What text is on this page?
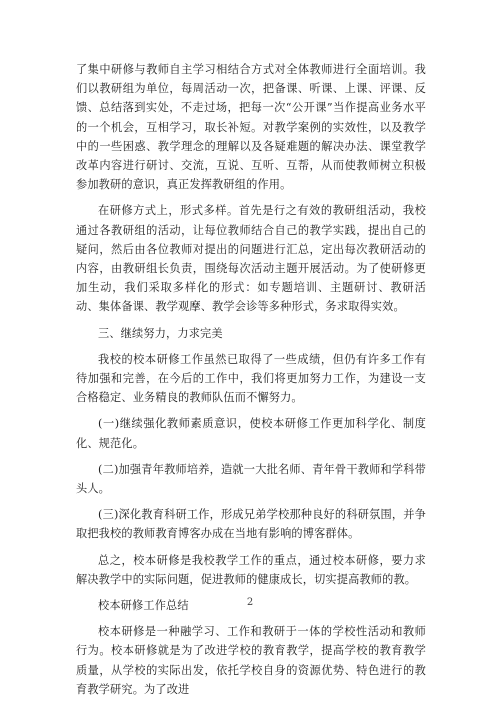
了集中研修与教师自主学习相结合方式对全体教师进行全面培训。我们以教研组为单位，每周活动一次，把备课、听课、上课、评课、反馈、总结落到实处，不走过场，把每一次“公开课”当作提高业务水平的一个机会，互相学习，取长补短。对教学案例的实效性，以及教学中的一些困惑、教学理念的理解以及各疑难题的解决办法、课堂教学改革内容进行研讨、交流，互说、互听、互帮，从而使教师树立积极参加教研的意识，真正发挥教研组的作用。

在研修方式上，形式多样。首先是行之有效的教研组活动，我校通过各教研组的活动，让每位教师结合自己的教学实践，提出自己的疑问，然后由各位教师对提出的问题进行汇总，定出每次教研活动的内容，由教研组长负责，围绕每次活动主题开展活动。为了使研修更加生动，我们采取多样化的形式：如专题培训、主题研讨、教研活动、集体备课、教学观摩、教学会诊等多种形式，务求取得实效。

三、继续努力，力求完美

我校的校本研修工作虽然已取得了一些成绩，但仍有许多工作有待加强和完善，在今后的工作中，我们将更加努力工作，为建设一支合格稳定、业务精良的教师队伍而不懈努力。

(一)继续强化教师素质意识，使校本研修工作更加科学化、制度化、规范化。

(二)加强青年教师培养，造就一大批名师、青年骨干教师和学科带头人。

(三)深化教育科研工作，形成兄弟学校那种良好的科研氛围，并争取把我校的教师教育博客办成在当地有影响的博客群体。

总之，校本研修是我校教学工作的重点，通过校本研修，要力求解决教学中的实际问题，促进教师的健康成长，切实提高教师的教。

校本研修工作总结

校本研修是一种融学习、工作和教研于一体的学校性活动和教师行为。校本研修就是为了改进学校的教育教学，提高学校的教育教学质量，从学校的实际出发，依托学校自身的资源优势、特色进行的教育教学研究。为了改进

2
